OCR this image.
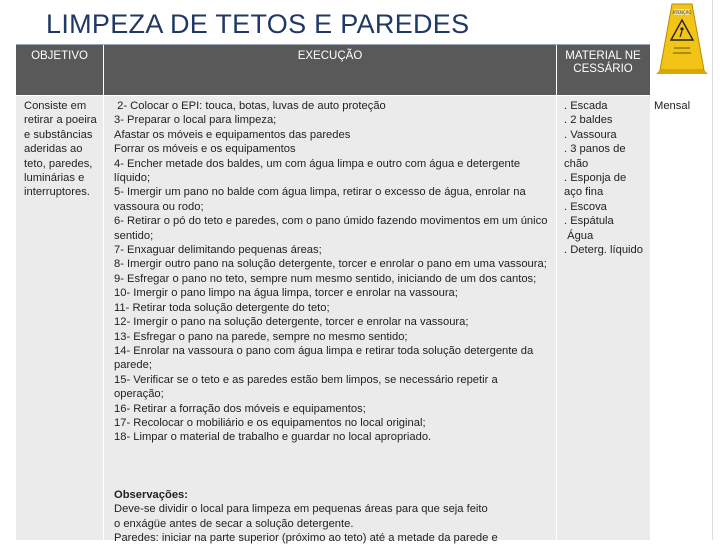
LIMPEZA DE TETOS E PAREDES
OBJETIVO	EXECUÇÃO	MATERIAL NECESSÁRIO
Consiste em retirar a poeira e substâncias aderidas ao teto, paredes, luminárias e interruptores.
2- Colocar o EPI: touca, botas, luvas de auto proteção
3- Preparar o local para limpeza;
Afastar os móveis e equipamentos das paredes
Forrar os móveis e os equipamentos
4- Encher metade dos baldes, um com água limpa e outro com água e detergente líquido;
5- Imergir um pano no balde com água limpa, retirar o excesso de água, enrolar na vassoura ou rodo;
6- Retirar o pó do teto e paredes, com o pano úmido fazendo movimentos em um único sentido;
7- Enxaguar delimitando pequenas áreas;
8- Imergir outro pano na solução detergente, torcer e enrolar o pano em uma vassoura;
9- Esfregar o pano no teto, sempre num mesmo sentido, iniciando de um dos cantos;
10- Imergir o pano limpo na água limpa, torcer e enrolar na vassoura;
11- Retirar toda solução detergente do teto;
12- Imergir o pano na solução detergente, torcer e enrolar na vassoura;
13- Esfregar o pano na parede, sempre no mesmo sentido;
14- Enrolar na vassoura o pano com água limpa e retirar toda solução detergente da parede;
15- Verificar se o teto e as paredes estão bem limpos, se necessário repetir a operação;
16- Retirar a forração dos móveis e equipamentos;
17- Recolocar o mobiliário e os equipamentos no local original;
18- Limpar o material de trabalho e guardar no local apropriado.
Observações:
Deve-se dividir o local para limpeza em pequenas áreas para que seja feito
o enxágüe antes de secar a solução detergente.
Paredes: iniciar na parte superior (próximo ao teto) até a metade da parede e
. Escada
. 2 baldes
. Vassoura
. 3 panos de chão
. Esponja de aço fina
. Escova
. Espátula
Água
. Deterg. líquido
Mensal
ATENÇÃO
